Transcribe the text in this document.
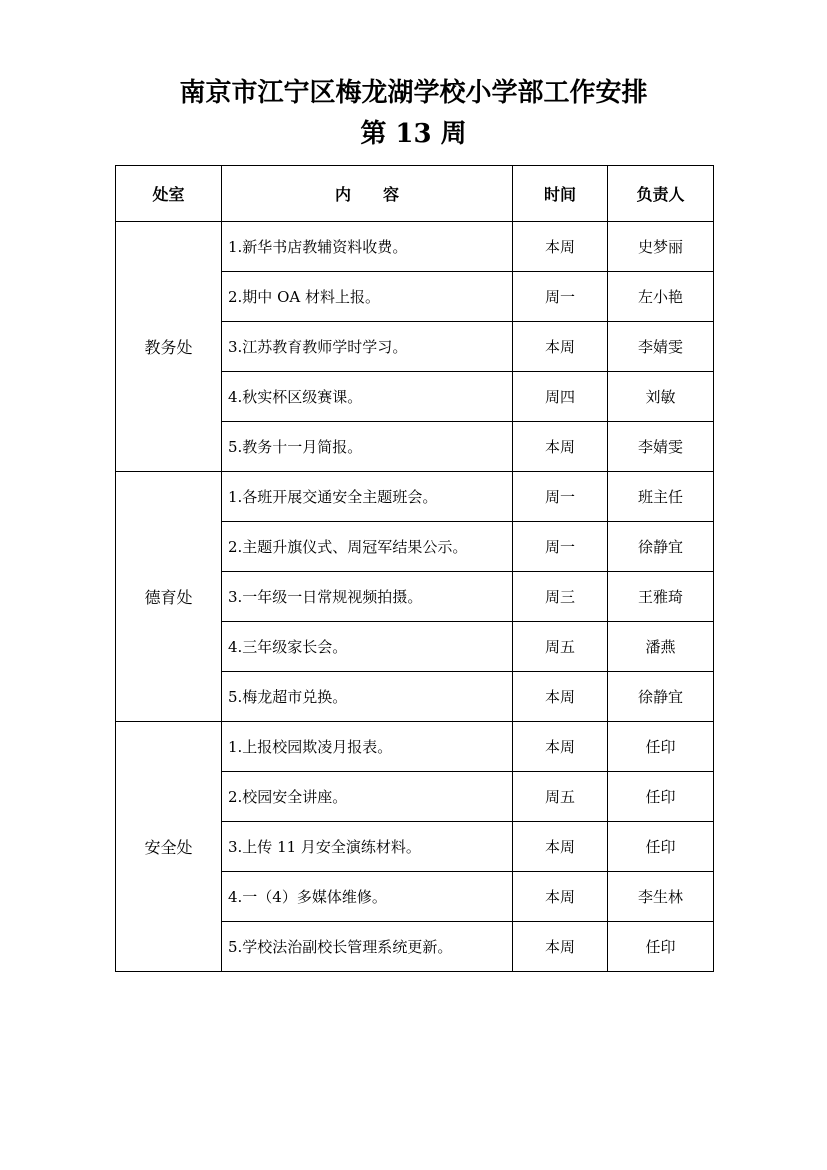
南京市江宁区梅龙湖学校小学部工作安排
第 13 周
处室	内　　容	时间	负责人
教务处	1.新华书店教辅资料收费。	本周	史梦丽
	2.期中 OA 材料上报。	周一	左小艳
	3.江苏教育教师学时学习。	本周	李婧雯
	4.秋实杯区级赛课。	周四	刘敏
	5.教务十一月简报。	本周	李婧雯
德育处	1.各班开展交通安全主题班会。	周一	班主任
	2.主题升旗仪式、周冠军结果公示。	周一	徐静宜
	3.一年级一日常规视频拍摄。	周三	王雅琦
	4.三年级家长会。	周五	潘燕
	5.梅龙超市兑换。	本周	徐静宜
安全处	1.上报校园欺凌月报表。	本周	任印
	2.校园安全讲座。	周五	任印
	3.上传 11 月安全演练材料。	本周	任印
	4.一（4）多媒体维修。	本周	李生林
	5.学校法治副校长管理系统更新。	本周	任印
